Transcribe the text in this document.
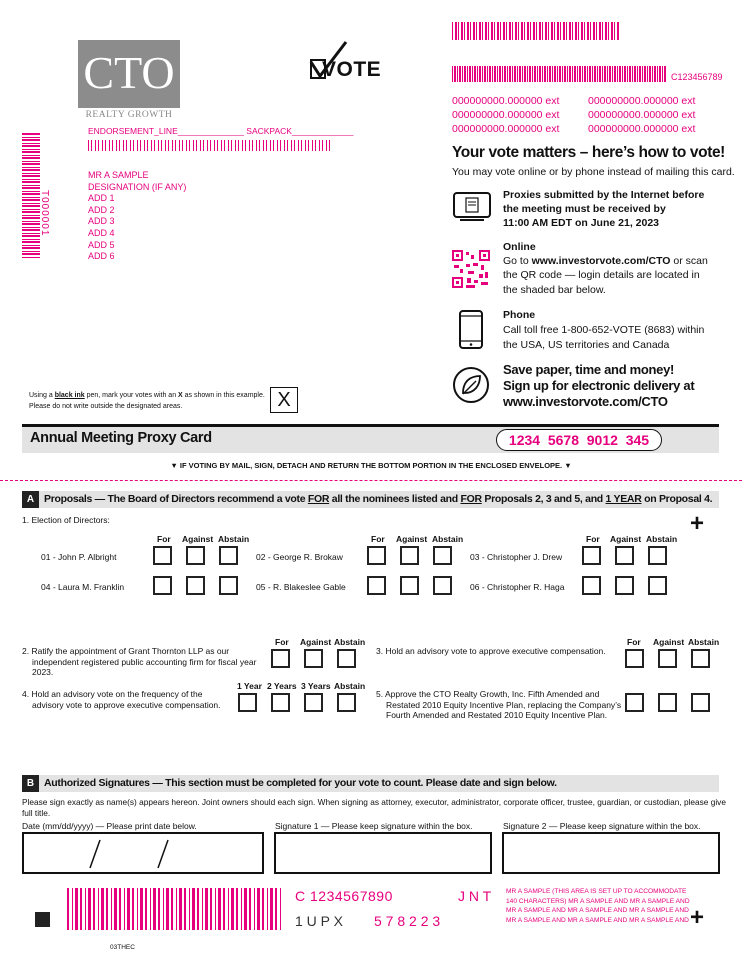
CTO
REALTY GROWTH
VOTE	C123456789
000000000.000000 ext	000000000.000000 ext
000000000.000000 ext	000000000.000000 ext
000000000.000000 ext	000000000.000000 ext
ENDORSEMENT_LINE______________ SACKPACK_____________
T000001
MR A SAMPLE
DESIGNATION (IF ANY)
ADD 1
ADD 2
ADD 3
ADD 4
ADD 5
ADD 6
Your vote matters – here’s how to vote!
You may vote online or by phone instead of mailing this card.
Proxies submitted by the Internet before
the meeting must be received by
11:00 AM EDT on June 21, 2023
Online
Go to www.investorvote.com/CTO or scan
the QR code — login details are located in
the shaded bar below.
Phone
Call toll free 1-800-652-VOTE (8683) within
the USA, US territories and Canada
Save paper, time and money!
Sign up for electronic delivery at
www.investorvote.com/CTO
Using a black ink pen, mark your votes with an X as shown in this example.
Please do not write outside the designated areas.	X
Annual Meeting Proxy Card	1234  5678  9012  345
▼ IF VOTING BY MAIL, SIGN, DETACH AND RETURN THE BOTTOM PORTION IN THE ENCLOSED ENVELOPE. ▼
A Proposals — The Board of Directors recommend a vote FOR all the nominees listed and FOR Proposals 2, 3 and 5, and 1 YEAR on Proposal 4.
+
1. Election of Directors:
For Against Abstain	For Against Abstain	For Against Abstain
01 - John P. Albright	02 - George R. Brokaw	03 - Christopher J. Drew
04 - Laura M. Franklin	05 - R. Blakeslee Gable	06 - Christopher R. Haga
For Against Abstain
2. Ratify the appointment of Grant Thornton LLP as our
independent registered public accounting firm for fiscal year
2023.
For Against Abstain
3. Hold an advisory vote to approve executive compensation.
1 Year 2 Years 3 Years Abstain
4. Hold an advisory vote on the frequency of the
advisory vote to approve executive compensation.
5. Approve the CTO Realty Growth, Inc. Fifth Amended and
Restated 2010 Equity Incentive Plan, replacing the Company’s
Fourth Amended and Restated 2010 Equity Incentive Plan.
B Authorized Signatures — This section must be completed for your vote to count. Please date and sign below.
Please sign exactly as name(s) appears hereon. Joint owners should each sign. When signing as attorney, executor, administrator, corporate officer, trustee, guardian, or custodian, please give
full title.
Date (mm/dd/yyyy) — Please print date below.	Signature 1 — Please keep signature within the box.	Signature 2 — Please keep signature within the box.
C 1234567890	J N T
1 U P X 5 7 8 2 2 3
MR A SAMPLE (THIS AREA IS SET UP TO ACCOMMODATE
140 CHARACTERS) MR A SAMPLE AND MR A SAMPLE AND
MR A SAMPLE AND MR A SAMPLE AND MR A SAMPLE AND
MR A SAMPLE AND MR A SAMPLE AND MR A SAMPLE AND +
03THEC
